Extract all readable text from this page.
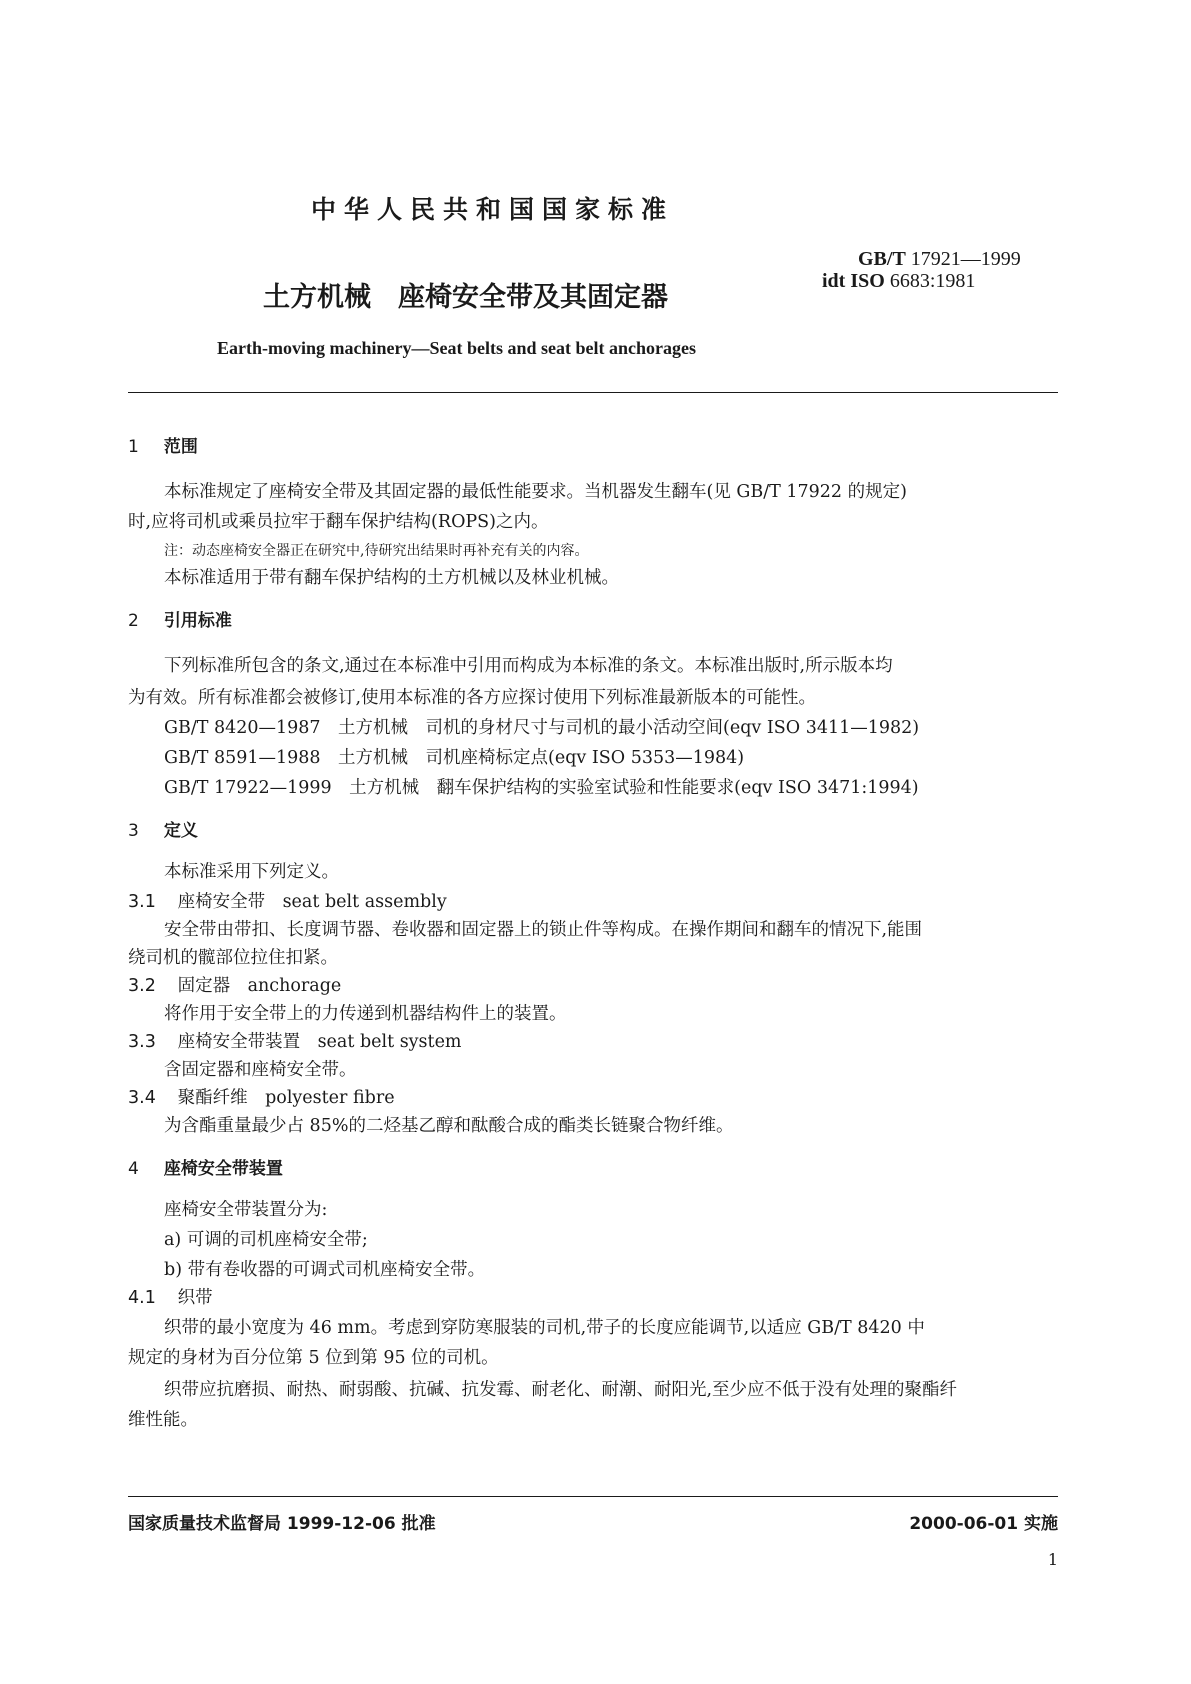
中华人民共和国国家标准
GB/T 17921—1999
idt ISO 6683:1981
土方机械　座椅安全带及其固定器
Earth-moving machinery—Seat belts and seat belt anchorages
1 范围
本标准规定了座椅安全带及其固定器的最低性能要求。当机器发生翻车(见 GB/T 17922 的规定)
时,应将司机或乘员拉牢于翻车保护结构(ROPS)之内。
注：动态座椅安全器正在研究中,待研究出结果时再补充有关的内容。
本标准适用于带有翻车保护结构的土方机械以及林业机械。
2 引用标准
下列标准所包含的条文,通过在本标准中引用而构成为本标准的条文。本标准出版时,所示版本均
为有效。所有标准都会被修订,使用本标准的各方应探讨使用下列标准最新版本的可能性。
GB/T 8420—1987　土方机械　司机的身材尺寸与司机的最小活动空间(eqv ISO 3411—1982)
GB/T 8591—1988　土方机械　司机座椅标定点(eqv ISO 5353—1984)
GB/T 17922—1999　土方机械　翻车保护结构的实验室试验和性能要求(eqv ISO 3471:1994)
3 定义
本标准采用下列定义。
3.1 座椅安全带　seat belt assembly
安全带由带扣、长度调节器、卷收器和固定器上的锁止件等构成。在操作期间和翻车的情况下,能围
绕司机的髋部位拉住扣紧。
3.2 固定器　anchorage
将作用于安全带上的力传递到机器结构件上的装置。
3.3 座椅安全带装置　seat belt system
含固定器和座椅安全带。
3.4 聚酯纤维　polyester fibre
为含酯重量最少占 85%的二烃基乙醇和酞酸合成的酯类长链聚合物纤维。
4 座椅安全带装置
座椅安全带装置分为:
a) 可调的司机座椅安全带;
b) 带有卷收器的可调式司机座椅安全带。
4.1 织带
织带的最小宽度为 46 mm。考虑到穿防寒服装的司机,带子的长度应能调节,以适应 GB/T 8420 中
规定的身材为百分位第 5 位到第 95 位的司机。
织带应抗磨损、耐热、耐弱酸、抗碱、抗发霉、耐老化、耐潮、耐阳光,至少应不低于没有处理的聚酯纤
维性能。
国家质量技术监督局 1999-12-06 批准	2000-06-01 实施
1
